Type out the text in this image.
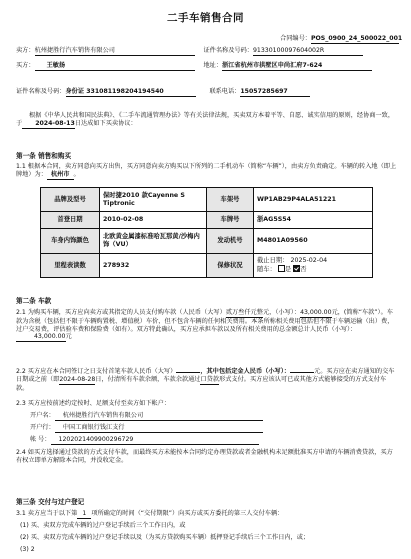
二手车销售合同
合同编号：POS_0900_24_500022_001
卖方：杭州捷胜行汽车销售有限公司	证件名称及号码：91330100097604002R
买方： 王敏扬	地址：浙江省杭州市拱墅区申尚汇府7-624
证件名称及号码：身份证 331081198204194540	联系电话：15057285697
根据《中华人民共和国民法典》、《二手车流通管理办法》等有关法律法规，买卖双方本着平等、自愿、诚实信用的原则，经协商一致，于 2024-08-13日达成如下买卖协议：
第一条 销售和购买
1.1 根据本合同，卖方同意向买方出售，买方同意向卖方购买以下所列的二手机动车（简称“车辆”），由卖方负责确定。车辆的转入地（即上牌地）为： 杭州市 。
品牌及型号	保时捷2010 款Cayenne S Tiptronic	车架号	WP1AB29P4ALA51221
首登日期	2010-02-08	车牌号	浙AG5S54
车身内饰颜色	北欧黄金属漆标准哈瓦那黄/沙梅内饰（VU）	发动机号	M4801A09560
里程表读数	278932	保修状况	截止日期： 2025-02-04
随车： 是 否
第二条 车款
2.1 为购买车辆，买方应向卖方或其指定的人员支付购车款（人民币（大写）贰万叁仟元整元，（小写）：43,000.00元，(简称“车款”）。车款为含税（包括但不限于车辆购置税、增值税）车价，但不包含车辆的任何相关费用。本条所称相关费用包括但不限于车辆运输（出）费，过户交易费，评估验车费和保险费（如有）。双方特此确认，买方应承担车款以及所有相关费用的总金额总计人民币（小写）：43,000.00元
2.2 买方应在本合同签订之日支付首笔车款人民币（大写）	，其中包括定金人民币（小写）：	元。买方应在卖方通知的交车日期或之前（即2024-08-28日，付清所有车款余额，车款余款通过口贷款形式支付。买方应该认可已或其他方式能够接受的方式支付车款。
2.3 买方应按前述约定按时、足额支付至卖方如下帐户：
开户名： 杭州捷胜行汽车销售有限公司
开户行： 中国工商银行钱江支行
帐 号： 1202021409900296729
2.4 如买方选择通过贷款的方式支付车款，而最终买方未能按本合同约定办理贷款或者金融机构未足额批准买方申请的车辆消费贷款，买方有权立即单方解除本合同，并没收定金。
第三条 交付与过户登记
3.1 卖方应当于以下第 1 项所确定的时间（“交付期限”）向买方或买方委托的第三人交付车辆：
(1) 买、卖双方完成车辆的过户登记手续后三个工作日内，或
(2) 买、卖双方完成车辆的过户登记手续以及（为买方贷款购买车辆）抵押登记手续后三个工作日内，或；
(3) 2
